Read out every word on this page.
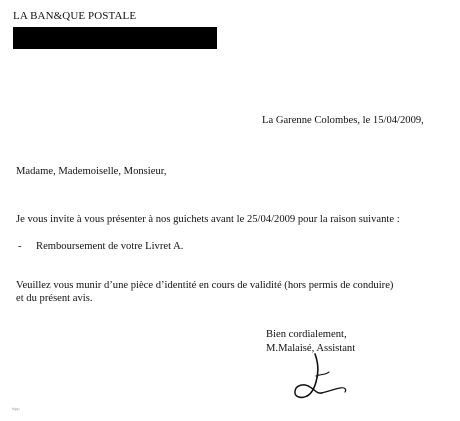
LA BAN&QUE POSTALE
La Garenne Colombes, le 15/04/2009,
Madame, Mademoiselle, Monsieur,
Je vous invite à vous présenter à nos guichets avant le 25/04/2009 pour la raison suivante :
- Remboursement de votre Livret A.
Veuillez vous munir d’une pièce d’identité en cours de validité (hors permis de conduire)
et du présent avis.
Bien cordialement,
M.Malaisé, Assistant
hipp
